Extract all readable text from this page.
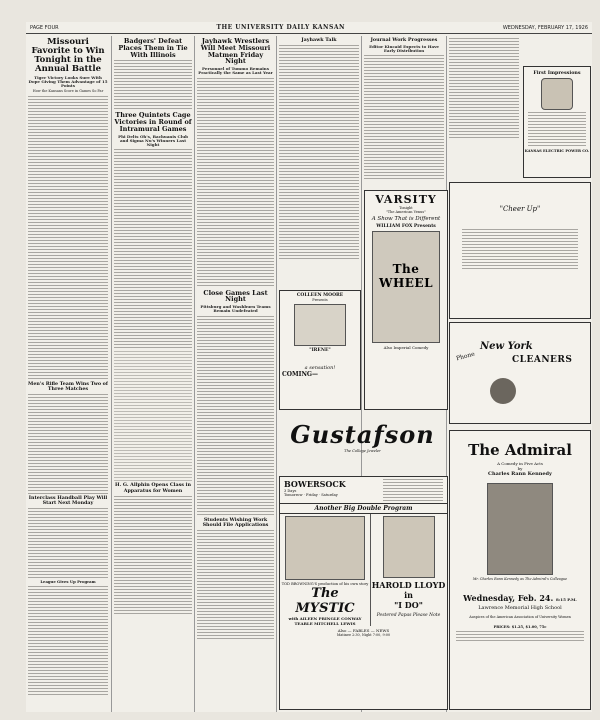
PAGE FOUR	THE UNIVERSITY DAILY KANSAN	WEDNESDAY, FEBRUARY 17, 1926
Missouri Favorite to Win Tonight in the Annual Battle
Tiger Victory Looks Sure With Dope Giving Them Advantage of 15 Points
How the Kansans Score in Games So Far
Men's Rifle Team Wins Two of Three Matches
Interclass Handball Play Will Start Next Monday
League Gives Up Program
Badgers' Defeat Places Them in Tie With Illinois
Three Quintets Cage Victories in Round of Intramural Games
Phi Delts Oh's, Bachuanis Club and Sigma Nu's Winners Last Night
H. G. Allphin Opens Class in Apparatus for Women
Jayhawk Wrestlers Will Meet Missouri Matmen Friday Night
Personnel of Tummo Remains Practically the Same as Last Year
Close Games Last Night
Pittsburg and Washburn Teams Remain Undefeated
Students Wishing Work Should File Applications
Jayhawk Talk	Journal Work Progresses
Editor Kincaid Expects to Have Early Distribution
COLLEEN MOORE
Presents
"IRENE"
a sensation!
COMING—
VARSITY
Tonight
"The American Venus"
A Show That is Different
WILLIAM FOX Presents
The WHEEL
Also Imperial Comedy
First Impressions
KANSAS ELECTRIC POWER CO.
"Cheer Up"
Phone
New York
CLEANERS
Gustafson
The College Jeweler
BOWERSOCK
3 Days
Tomorrow · Friday · Saturday
Another Big Double Program
TOD BROWNING'S production of his own story
The MYSTIC
with AILEEN PRINGLE CONWAY TEARLE MITCHELL LEWIS
HAROLD LLOYD in
"I DO"
Pestered Papas Please Note
Also — FABLES — NEWS
Matinee 2:30, Night 7:00, 9:00
The Admiral
A Comedy in Five Acts
by
Charles Rann Kennedy
Mr. Charles Rann Kennedy as The Admiral's Colleague
Wednesday, Feb. 24. 8:15 P.M.
Lawrence Memorial High School
Auspices of the American Association of University Women
PRICES: $1.25, $1.00, 75c
